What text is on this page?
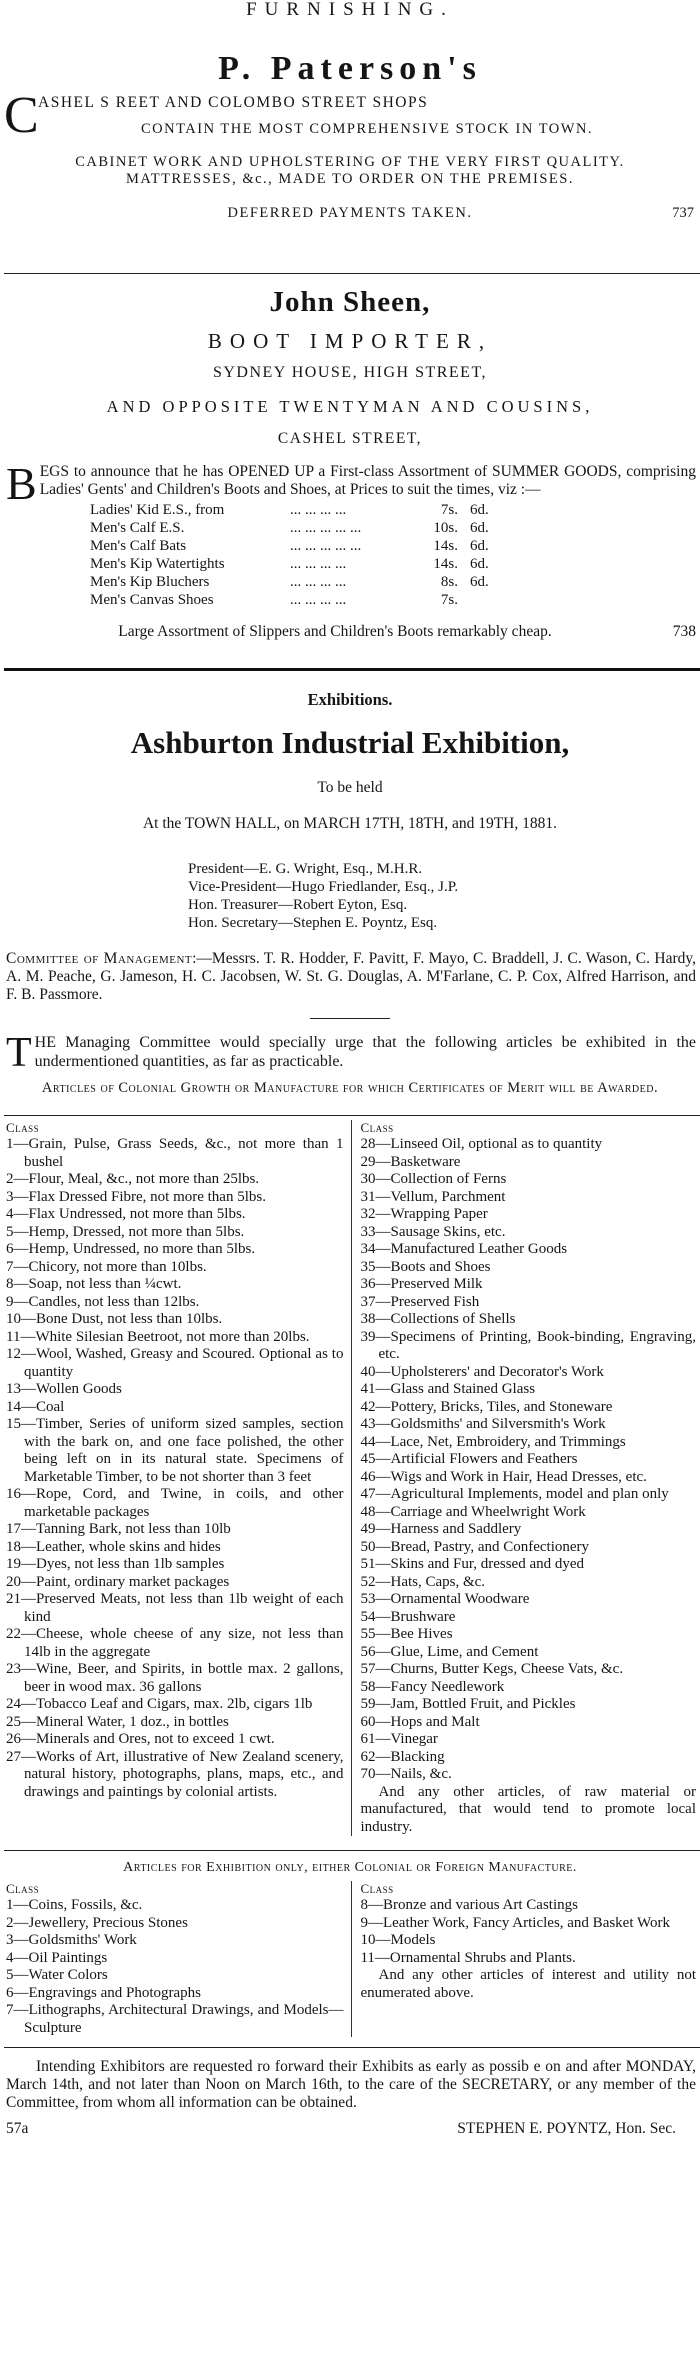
FURNISHING.
P. Paterson's
C ASHEL S REET AND COLOMBO STREET SHOPS
CONTAIN THE MOST COMPREHENSIVE STOCK IN TOWN.
CABINET WORK AND UPHOLSTERING OF THE VERY FIRST QUALITY.
MATTRESSES, &c., MADE TO ORDER ON THE PREMISES.
DEFERRED PAYMENTS TAKEN.	737
John Sheen,
BOOT IMPORTER,
SYDNEY HOUSE, HIGH STREET,
AND OPPOSITE TWENTYMAN AND COUSINS,
CASHEL STREET,
BEGS to announce that he has OPENED UP a First-class Assortment of SUMMER GOODS, comprising Ladies' Gents' and Children's Boots and Shoes, at Prices to suit the times, viz :—
Ladies' Kid E.S., from	... ... ... ...	7s.	6d.
Men's Calf E.S.	... ... ... ... ...	10s.	6d.
Men's Calf Bats	... ... ... ... ...	14s.	6d.
Men's Kip Watertights	... ... ... ...	14s.	6d.
Men's Kip Bluchers	... ... ... ...	8s.	6d.
Men's Canvas Shoes	... ... ... ...	7s.	
Large Assortment of Slippers and Children's Boots remarkably cheap.	738
Exhibitions.
Ashburton Industrial Exhibition,
To be held
At the TOWN HALL, on MARCH 17TH, 18TH, and 19TH, 1881.
President—E. G. Wright, Esq., M.H.R.
Vice-President—Hugo Friedlander, Esq., J.P.
Hon. Treasurer—Robert Eyton, Esq.
Hon. Secretary—Stephen E. Poyntz, Esq.
Committee of Management:—Messrs. T. R. Hodder, F. Pavitt, F. Mayo, C. Braddell, J. C. Wason, C. Hardy, A. M. Peache, G. Jameson, H. C. Jacobsen, W. St. G. Douglas, A. M'Farlane, C. P. Cox, Alfred Harrison, and F. B. Passmore.
THE Managing Committee would specially urge that the following articles be exhibited in the undermentioned quantities, as far as practicable.
Articles of Colonial Growth or Manufacture for which Certificates of Merit will be Awarded.
Class
1—Grain, Pulse, Grass Seeds, &c., not more than 1 bushel
2—Flour, Meal, &c., not more than 25lbs.
3—Flax Dressed Fibre, not more than 5lbs.
4—Flax Undressed, not more than 5lbs.
5—Hemp, Dressed, not more than 5lbs.
6—Hemp, Undressed, no more than 5lbs.
7—Chicory, not more than 10lbs.
8—Soap, not less than ¼cwt.
9—Candles, not less than 12lbs.
10—Bone Dust, not less than 10lbs.
11—White Silesian Beetroot, not more than 20lbs.
12—Wool, Washed, Greasy and Scoured. Optional as to quantity
13—Wollen Goods
14—Coal
15—Timber, Series of uniform sized samples, section with the bark on, and one face polished, the other being left on in its natural state. Specimens of Marketable Timber, to be not shorter than 3 feet
16—Rope, Cord, and Twine, in coils, and other marketable packages
17—Tanning Bark, not less than 10lb
18—Leather, whole skins and hides
19—Dyes, not less than 1lb samples
20—Paint, ordinary market packages
21—Preserved Meats, not less than 1lb weight of each kind
22—Cheese, whole cheese of any size, not less than 14lb in the aggregate
23—Wine, Beer, and Spirits, in bottle max. 2 gallons, beer in wood max. 36 gallons
24—Tobacco Leaf and Cigars, max. 2lb, cigars 1lb
25—Mineral Water, 1 doz., in bottles
26—Minerals and Ores, not to exceed 1 cwt.
27—Works of Art, illustrative of New Zealand scenery, natural history, photographs, plans, maps, etc., and drawings and paintings by colonial artists.
Class
28—Linseed Oil, optional as to quantity
29—Basketware
30—Collection of Ferns
31—Vellum, Parchment
32—Wrapping Paper
33—Sausage Skins, etc.
34—Manufactured Leather Goods
35—Boots and Shoes
36—Preserved Milk
37—Preserved Fish
38—Collections of Shells
39—Specimens of Printing, Book-binding, Engraving, etc.
40—Upholsterers' and Decorator's Work
41—Glass and Stained Glass
42—Pottery, Bricks, Tiles, and Stoneware
43—Goldsmiths' and Silversmith's Work
44—Lace, Net, Embroidery, and Trimmings
45—Artificial Flowers and Feathers
46—Wigs and Work in Hair, Head Dresses, etc.
47—Agricultural Implements, model and plan only
48—Carriage and Wheelwright Work
49—Harness and Saddlery
50—Bread, Pastry, and Confectionery
51—Skins and Fur, dressed and dyed
52—Hats, Caps, &c.
53—Ornamental Woodware
54—Brushware
55—Bee Hives
56—Glue, Lime, and Cement
57—Churns, Butter Kegs, Cheese Vats, &c.
58—Fancy Needlework
59—Jam, Bottled Fruit, and Pickles
60—Hops and Malt
61—Vinegar
62—Blacking
70—Nails, &c.
And any other articles, of raw material or manufactured, that would tend to promote local industry.
Articles for Exhibition only, either Colonial or Foreign Manufacture.
Class
1—Coins, Fossils, &c.
2—Jewellery, Precious Stones
3—Goldsmiths' Work
4—Oil Paintings
5—Water Colors
6—Engravings and Photographs
7—Lithographs, Architectural Drawings, and Models—Sculpture
Class
8—Bronze and various Art Castings
9—Leather Work, Fancy Articles, and Basket Work
10—Models
11—Ornamental Shrubs and Plants.
And any other articles of interest and utility not enumerated above.
Intending Exhibitors are requested ro forward their Exhibits as early as possib e on and after MONDAY, March 14th, and not later than Noon on March 16th, to the care of the SECRETARY, or any member of the Committee, from whom all information can be obtained.
57a	STEPHEN E. POYNTZ, Hon. Sec.
